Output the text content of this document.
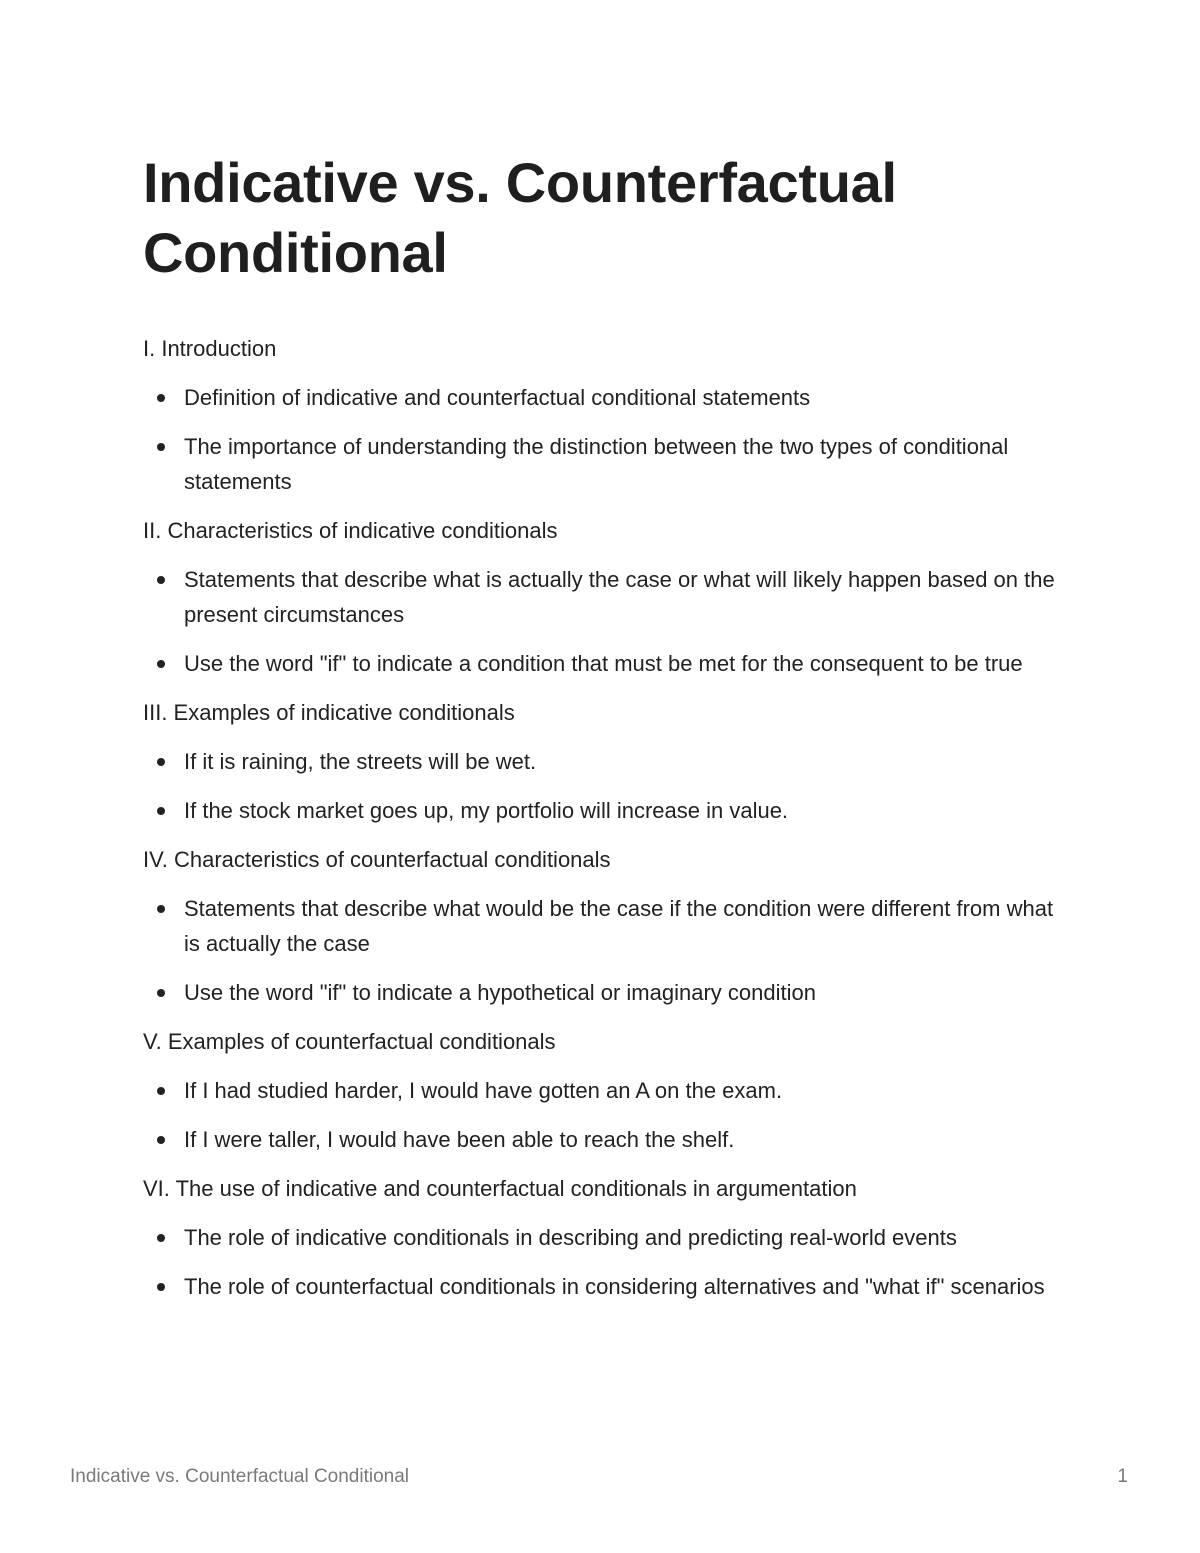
Indicative vs. Counterfactual Conditional

I. Introduction

Definition of indicative and counterfactual conditional statements
The importance of understanding the distinction between the two types of conditional statements

II. Characteristics of indicative conditionals

Statements that describe what is actually the case or what will likely happen based on the present circumstances
Use the word "if" to indicate a condition that must be met for the consequent to be true

III. Examples of indicative conditionals

If it is raining, the streets will be wet.
If the stock market goes up, my portfolio will increase in value.

IV. Characteristics of counterfactual conditionals

Statements that describe what would be the case if the condition were different from what is actually the case
Use the word "if" to indicate a hypothetical or imaginary condition

V. Examples of counterfactual conditionals

If I had studied harder, I would have gotten an A on the exam.
If I were taller, I would have been able to reach the shelf.

VI. The use of indicative and counterfactual conditionals in argumentation

The role of indicative conditionals in describing and predicting real-world events
The role of counterfactual conditionals in considering alternatives and "what if" scenarios
Indicative vs. Counterfactual Conditional	1
